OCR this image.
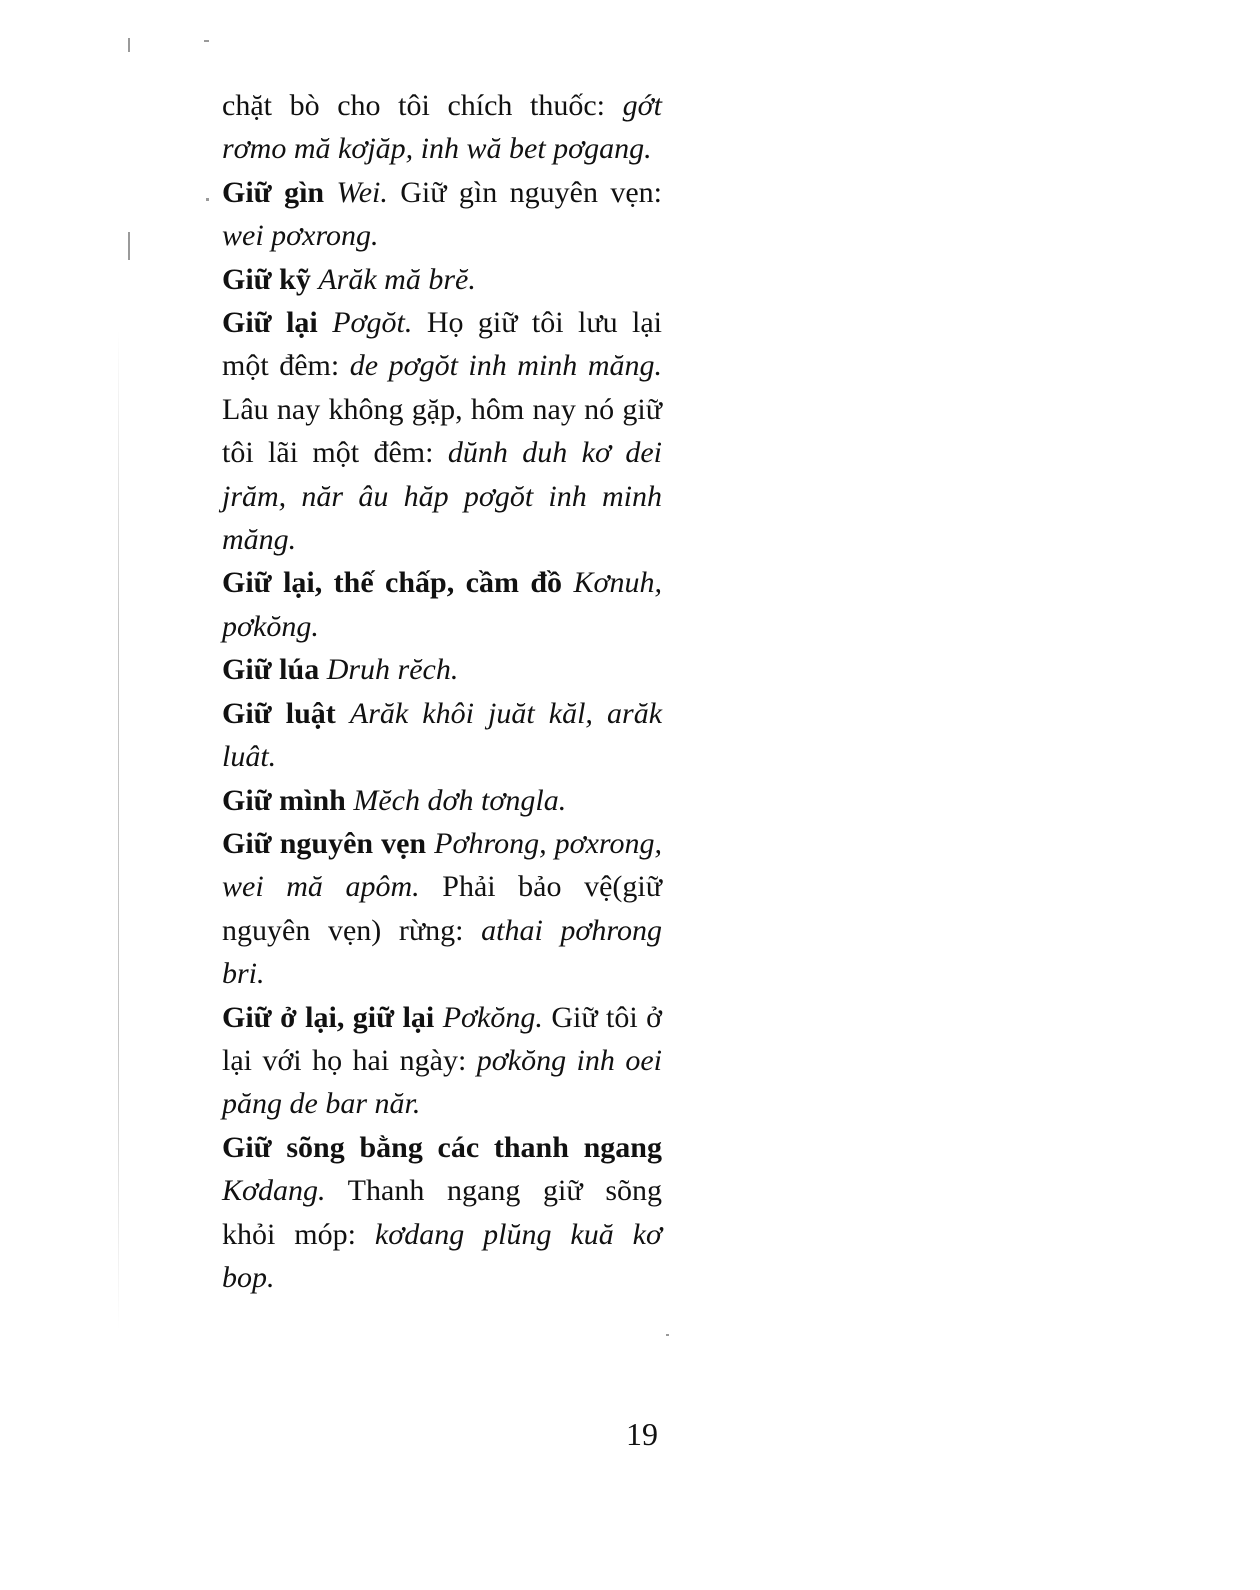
chặt bò cho tôi chích thuốc: gớt rơmo mă kơjăp, inh wă bet pơgang.

Giữ gìn Wei. Giữ gìn nguyên vẹn: wei pơxrong.

Giữ kỹ Arăk mă brĕ.

Giữ lại Pơgŏt. Họ giữ tôi lưu lại một đêm: de pơgŏt inh minh măng. Lâu nay không gặp, hôm nay nó giữ tôi lãi một đêm: dŭnh duh kơ dei jrăm, năr âu hăp pơgŏt inh minh măng.

Giữ lại, thế chấp, cầm đồ Kơnuh, pơkŏng.

Giữ lúa Druh rĕch.

Giữ luật Arăk khôi juăt kăl, arăk luât.

Giữ mình Mĕch dơh tơngla.

Giữ nguyên vẹn Pơhrong, pơxrong, wei mă apôm. Phải bảo vệ(giữ nguyên vẹn) rừng: athai pơhrong bri.

Giữ ở lại, giữ lại Pơkŏng. Giữ tôi ở lại với họ hai ngày: pơkŏng inh oei păng de bar năr.

Giữ sõng bằng các thanh ngang Kơdang. Thanh ngang giữ sõng khỏi móp: kơdang plŭng kuă kơ bop.

19
